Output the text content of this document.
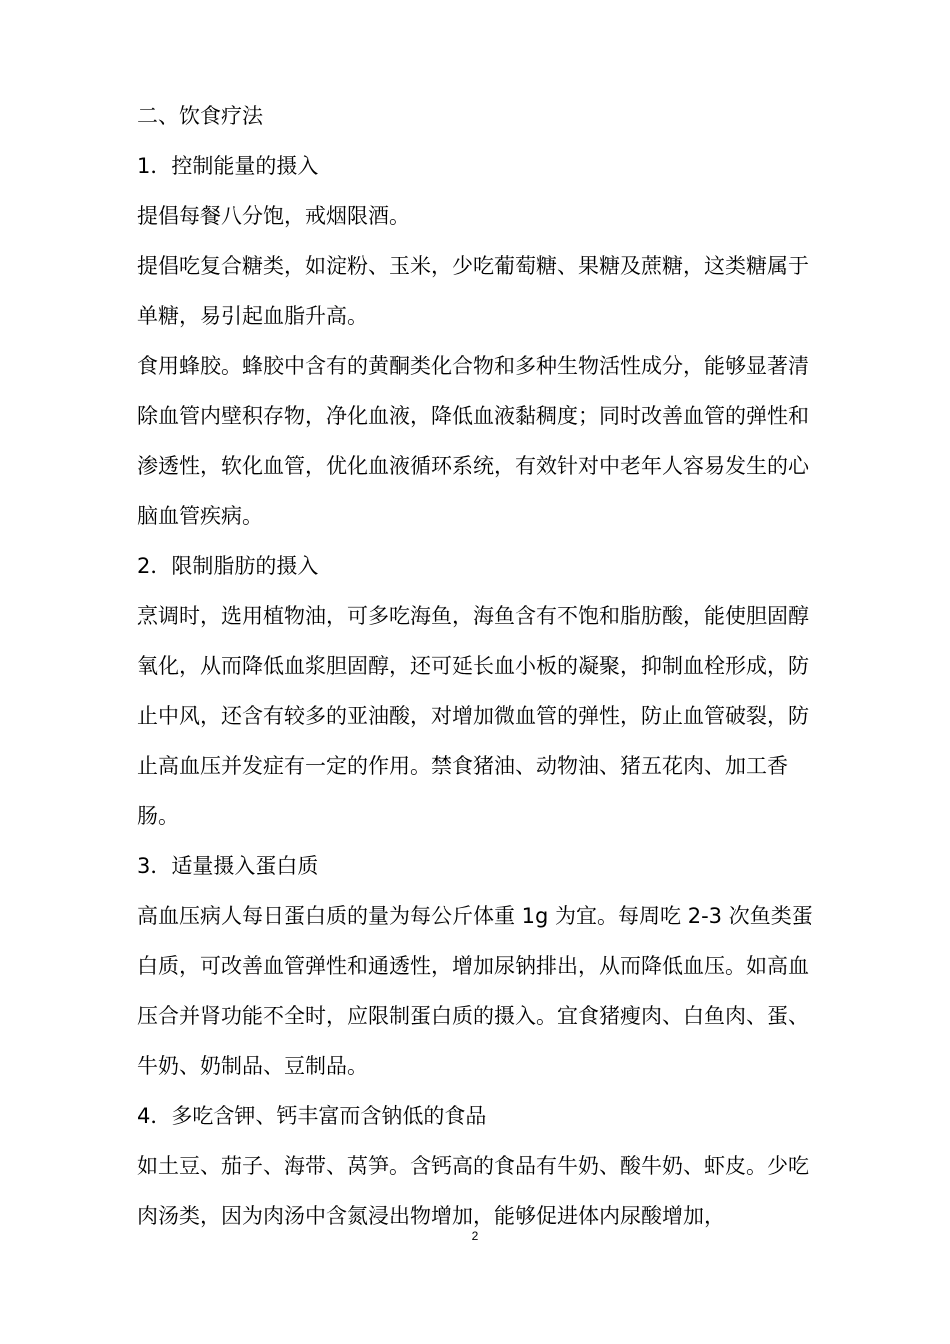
二、饮食疗法

1．控制能量的摄入

提倡每餐八分饱，戒烟限酒。

提倡吃复合糖类，如淀粉、玉米，少吃葡萄糖、果糖及蔗糖，这类糖属于单糖，易引起血脂升高。

食用蜂胶。蜂胶中含有的黄酮类化合物和多种生物活性成分，能够显著清除血管内壁积存物，净化血液，降低血液黏稠度；同时改善血管的弹性和渗透性，软化血管，优化血液循环系统，有效针对中老年人容易发生的心脑血管疾病。

2．限制脂肪的摄入

烹调时，选用植物油，可多吃海鱼，海鱼含有不饱和脂肪酸，能使胆固醇氧化，从而降低血浆胆固醇，还可延长血小板的凝聚，抑制血栓形成，防止中风，还含有较多的亚油酸，对增加微血管的弹性，防止血管破裂，防止高血压并发症有一定的作用。禁食猪油、动物油、猪五花肉、加工香肠。

3．适量摄入蛋白质

高血压病人每日蛋白质的量为每公斤体重 1g 为宜。每周吃 2-3 次鱼类蛋白质，可改善血管弹性和通透性，增加尿钠排出，从而降低血压。如高血压合并肾功能不全时，应限制蛋白质的摄入。宜食猪瘦肉、白鱼肉、蛋、牛奶、奶制品、豆制品。

4．多吃含钾、钙丰富而含钠低的食品

如土豆、茄子、海带、莴笋。含钙高的食品有牛奶、酸牛奶、虾皮。少吃肉汤类，因为肉汤中含氮浸出物增加，能够促进体内尿酸增加，

2
